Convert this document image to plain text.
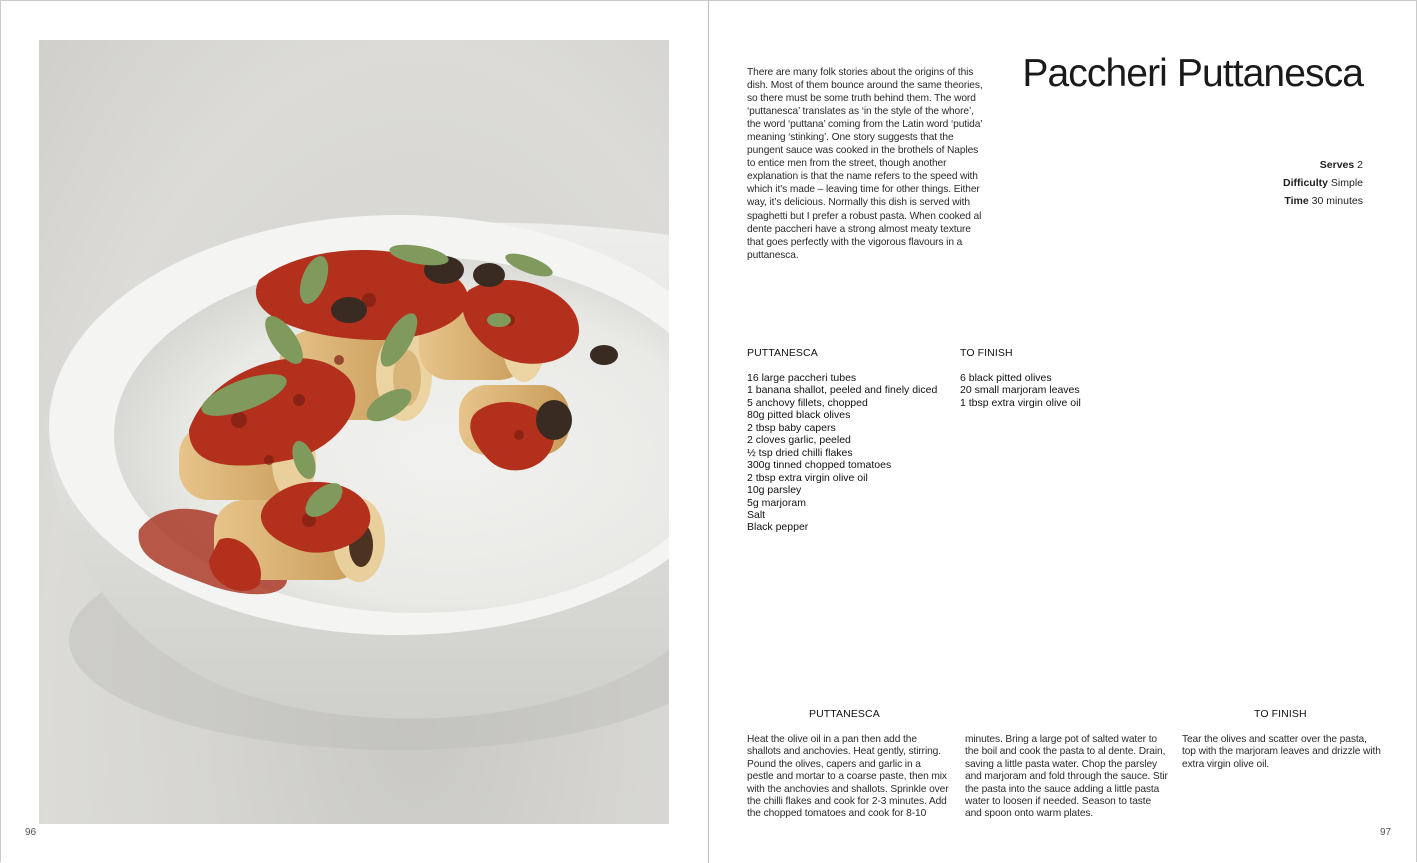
96
There are many folk stories about the origins of this dish. Most of them bounce around the same theories, so there must be some truth behind them. The word ‘puttanesca’ translates as ‘in the style of the whore’, the word ‘puttana’ coming from the Latin word ‘putida’ meaning ‘stinking’. One story suggests that the pungent sauce was cooked in the brothels of Naples to entice men from the street, though another explanation is that the name refers to the speed with which it’s made – leaving time for other things. Either way, it’s delicious. Normally this dish is served with spaghetti but I prefer a robust pasta. When cooked al dente paccheri have a strong almost meaty texture that goes perfectly with the vigorous flavours in a puttanesca.
Paccheri Puttanesca
Serves 2
Difficulty Simple
Time 30 minutes
PUTTANESCA
16 large paccheri tubes
1 banana shallot, peeled and finely diced
5 anchovy fillets, chopped
80g pitted black olives
2 tbsp baby capers
2 cloves garlic, peeled
½ tsp dried chilli flakes
300g tinned chopped tomatoes
2 tbsp extra virgin olive oil
10g parsley
5g marjoram
Salt
Black pepper
TO FINISH
6 black pitted olives
20 small marjoram leaves
1 tbsp extra virgin olive oil
PUTTANESCA	TO FINISH
Heat the olive oil in a pan then add the shallots and anchovies. Heat gently, stirring. Pound the olives, capers and garlic in a pestle and mortar to a coarse paste, then mix with the anchovies and shallots. Sprinkle over the chilli flakes and cook for 2-3 minutes. Add the chopped tomatoes and cook for 8-10
minutes. Bring a large pot of salted water to the boil and cook the pasta to al dente. Drain, saving a little pasta water. Chop the parsley and marjoram and fold through the sauce. Stir the pasta into the sauce adding a little pasta water to loosen if needed. Season to taste and spoon onto warm plates.
Tear the olives and scatter over the pasta, top with the marjoram leaves and drizzle with extra virgin olive oil.
97
